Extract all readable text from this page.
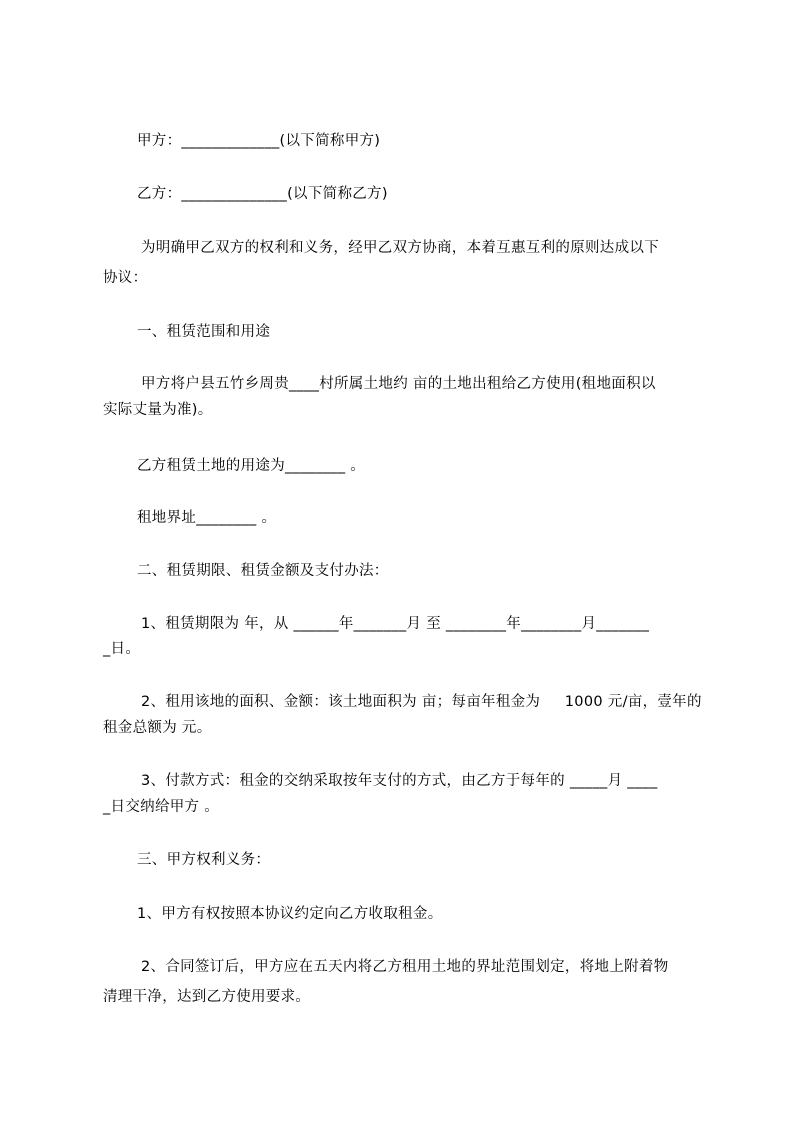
甲方：_____________(以下简称甲方)
乙方：______________(以下简称乙方)
为明确甲乙双方的权利和义务，经甲乙双方协商，本着互惠互利的原则达成以下
协议：
一、租赁范围和用途
甲方将户县五竹乡周贵____村所属土地约 亩的土地出租给乙方使用(租地面积以
实际丈量为准)。
乙方租赁土地的用途为________ 。
租地界址________ 。
二、租赁期限、租赁金额及支付办法：
1、租赁期限为 年，从 ______年_______月 至 ________年________月_______
_日。
2、租用该地的面积、金额：该土地面积为 亩；每亩年租金为     1000 元/亩，壹年的
租金总额为 元。
3、付款方式：租金的交纳采取按年支付的方式，由乙方于每年的 _____月 ____
_日交纳给甲方 。
三、甲方权利义务：
1、甲方有权按照本协议约定向乙方收取租金。
2、合同签订后，甲方应在五天内将乙方租用土地的界址范围划定，将地上附着物
清理干净，达到乙方使用要求。
